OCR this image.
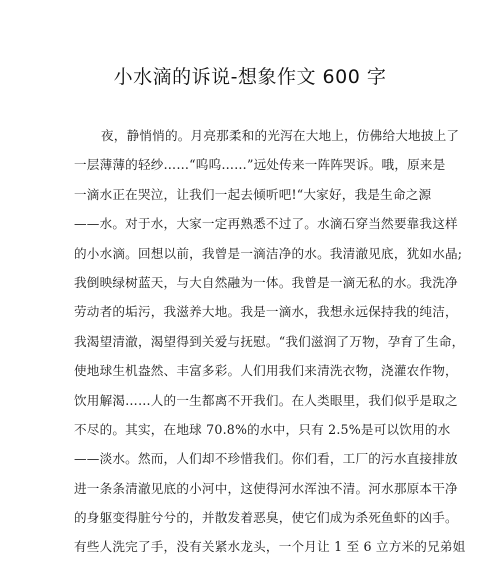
小水滴的诉说-想象作文 600 字
夜，静悄悄的。月亮那柔和的光泻在大地上，仿佛给大地披上了
一层薄薄的轻纱……“呜呜……”远处传来一阵阵哭诉。哦，原来是
一滴水正在哭泣，让我们一起去倾听吧!“大家好，我是生命之源
——水。对于水，大家一定再熟悉不过了。水滴石穿当然要靠我这样
的小水滴。回想以前，我曾是一滴洁净的水。我清澈见底，犹如水晶;
我倒映绿树蓝天，与大自然融为一体。我曾是一滴无私的水。我洗净
劳动者的垢污，我滋养大地。我是一滴水，我想永远保持我的纯洁，
我渴望清澈，渴望得到关爱与抚慰。“我们滋润了万物，孕育了生命，
使地球生机盎然、丰富多彩。人们用我们来清洗衣物，浇灌农作物，
饮用解渴……人的一生都离不开我们。在人类眼里，我们似乎是取之
不尽的。其实，在地球 70.8%的水中，只有 2.5%是可以饮用的水
——淡水。然而，人们却不珍惜我们。你们看，工厂的污水直接排放
进一条条清澈见底的小河中，这使得河水浑浊不清。河水那原本干净
的身躯变得脏兮兮的，并散发着恶臭，使它们成为杀死鱼虾的凶手。
有些人洗完了手，没有关紧水龙头，一个月让 1 至 6 立方米的兄弟姐
